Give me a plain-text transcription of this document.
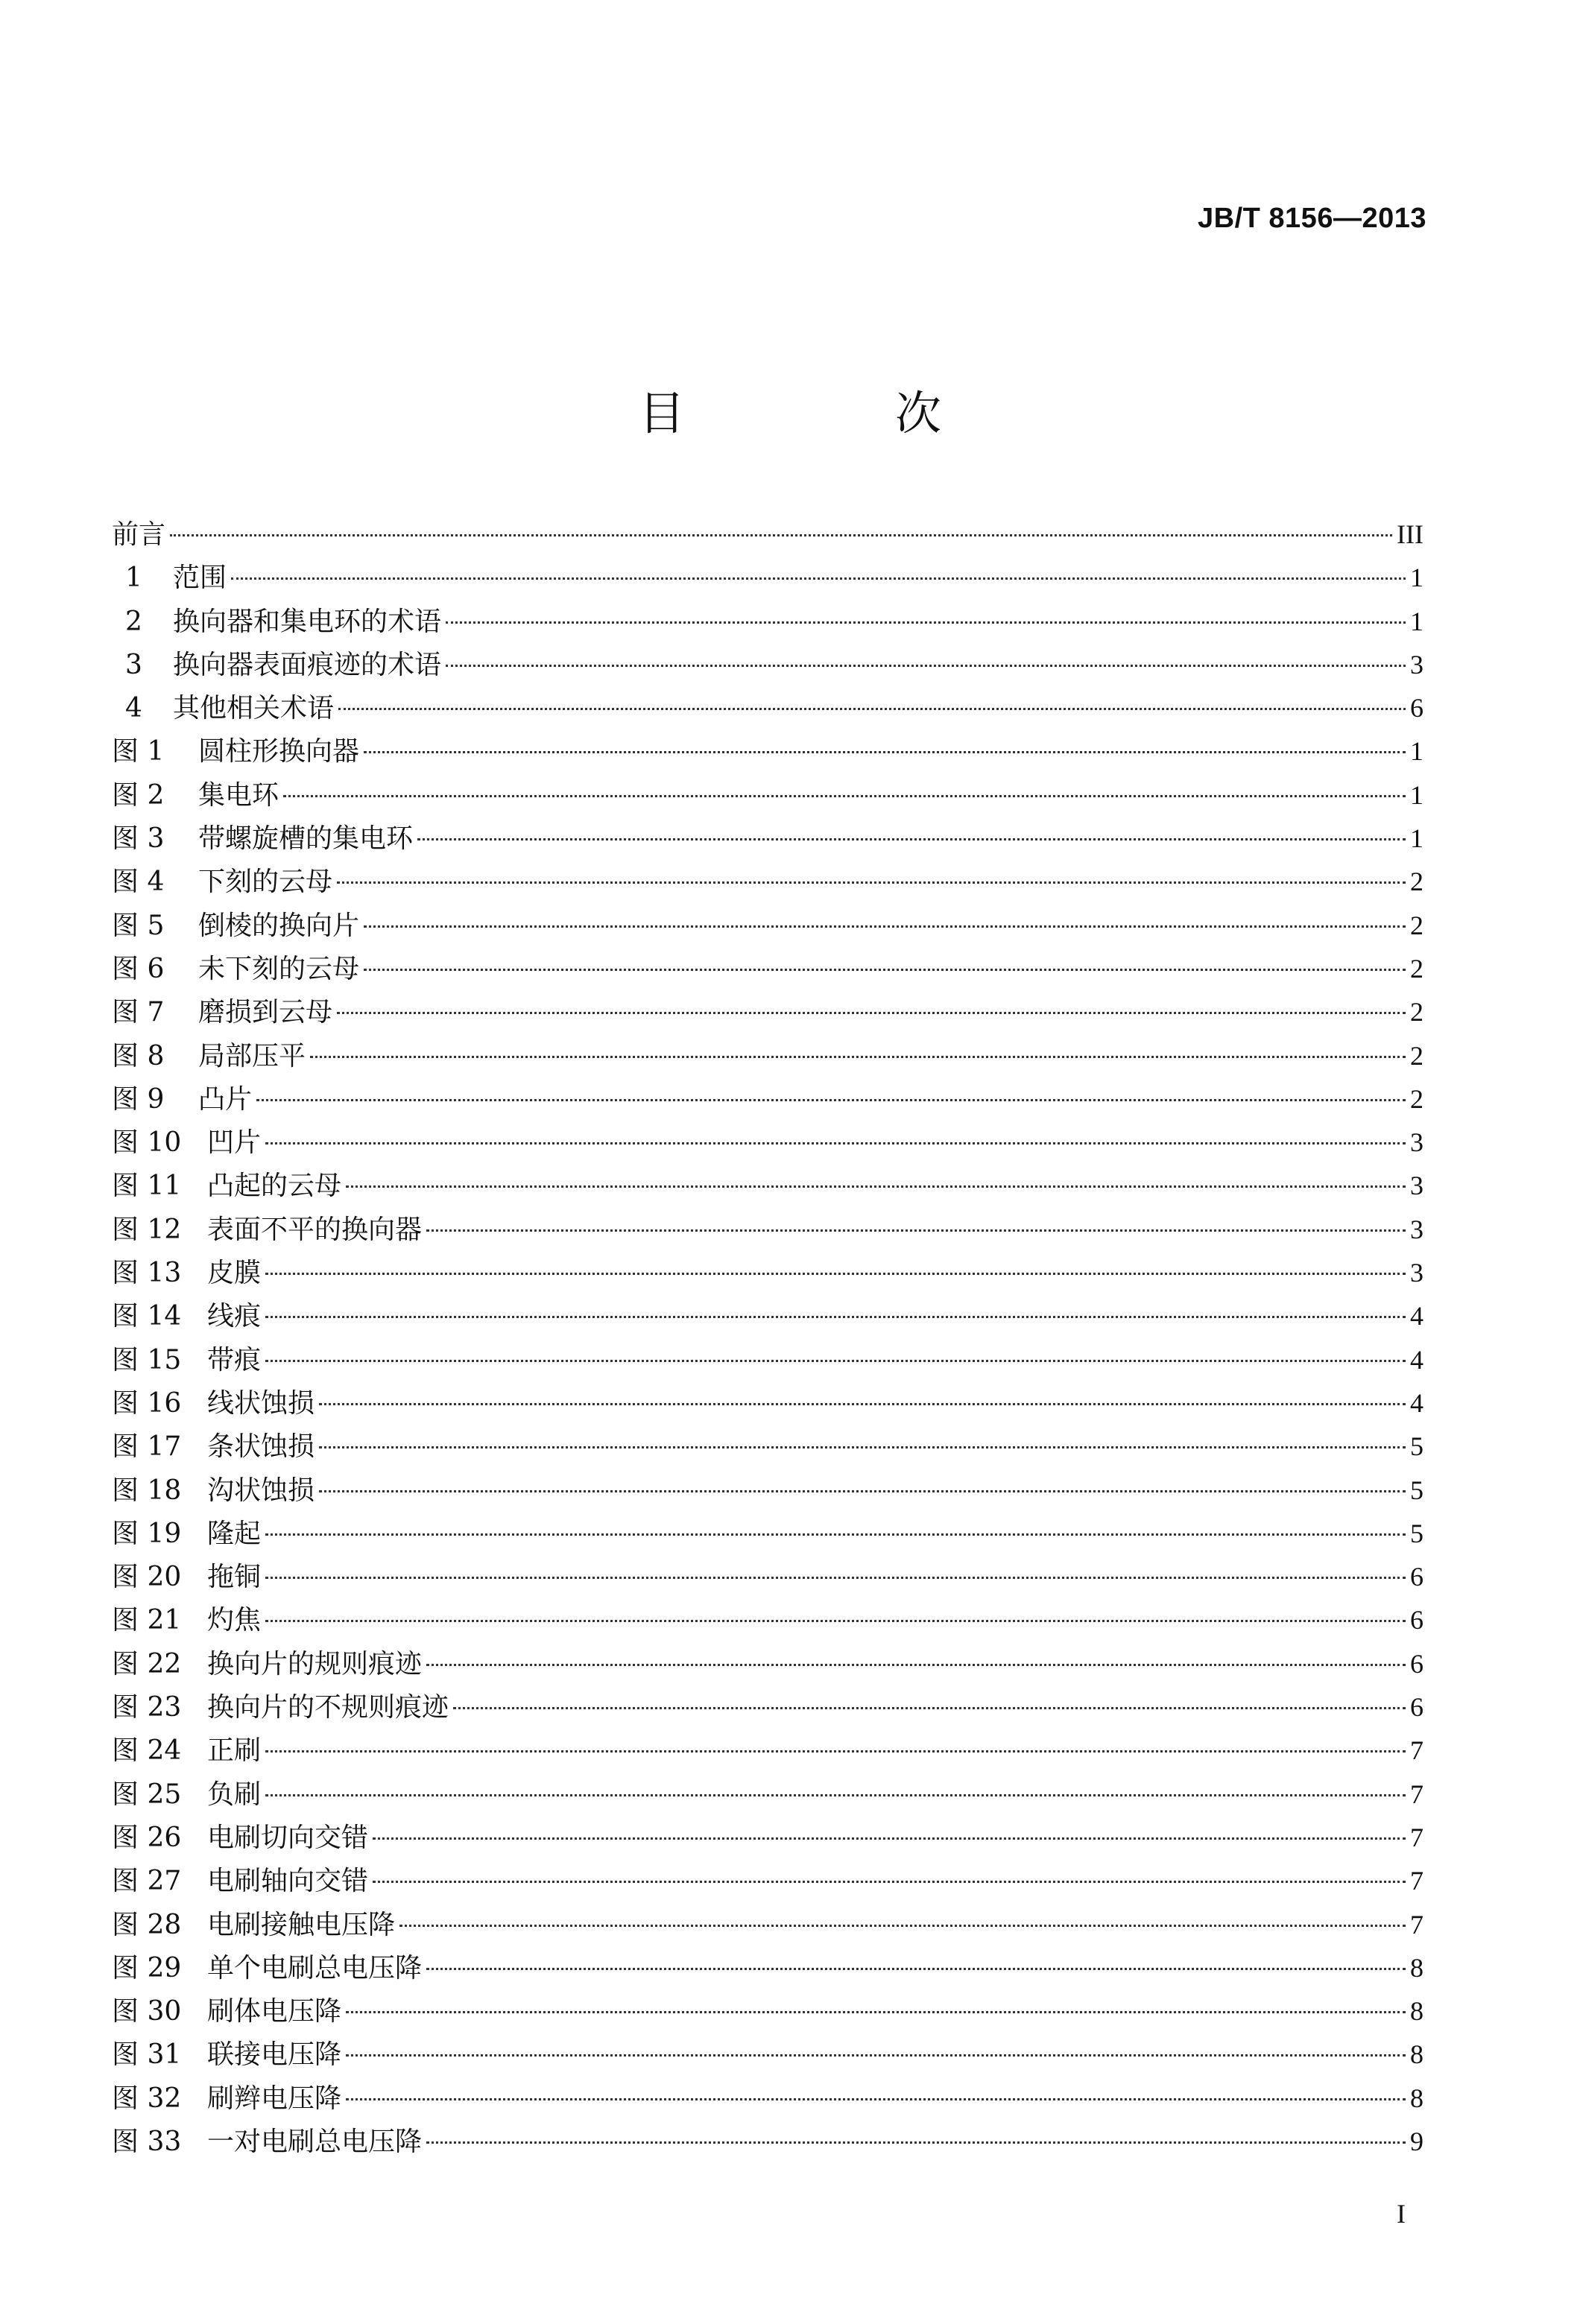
JB/T 8156—2013
目　次
前言	III
1	范围	1
2	换向器和集电环的术语	1
3	换向器表面痕迹的术语	3
4	其他相关术语	6
图 1	圆柱形换向器	1
图 2	集电环	1
图 3	带螺旋槽的集电环	1
图 4	下刻的云母	2
图 5	倒棱的换向片	2
图 6	未下刻的云母	2
图 7	磨损到云母	2
图 8	局部压平	2
图 9	凸片	2
图 10 凹片	3
图 11 凸起的云母	3
图 12 表面不平的换向器	3
图 13 皮膜	3
图 14 线痕	4
图 15 带痕	4
图 16 线状蚀损	4
图 17 条状蚀损	5
图 18 沟状蚀损	5
图 19 隆起	5
图 20 拖铜	6
图 21 灼焦	6
图 22 换向片的规则痕迹	6
图 23 换向片的不规则痕迹	6
图 24 正刷	7
图 25 负刷	7
图 26 电刷切向交错	7
图 27 电刷轴向交错	7
图 28 电刷接触电压降	7
图 29 单个电刷总电压降	8
图 30 刷体电压降	8
图 31 联接电压降	8
图 32 刷辫电压降	8
图 33 一对电刷总电压降	9
I
